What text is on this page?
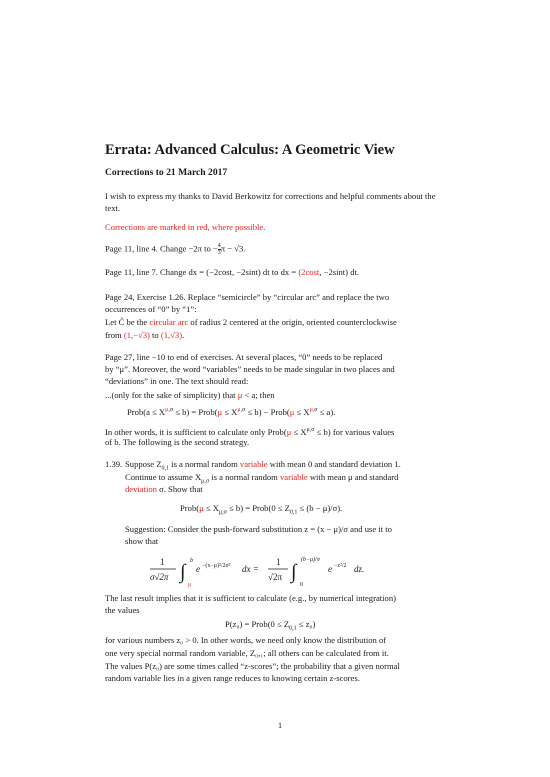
Errata: Advanced Calculus: A Geometric View
Corrections to 21 March 2017
I wish to express my thanks to David Berkowitz for corrections and helpful comments about the text.
Corrections are marked in red, where possible.
Page 11, line 4. Change −2π to − $\frac{4}{3}$ π − √3.
Page 11, line 7. Change dx = (−2cost, −2sint) dt to dx = (2cost, −2sint) dt.
Page 24, Exercise 1.26. Replace “semicircle” by “circular arc” and replace the two
occurrences of “0” by “1”:
Let C̃ be the circular arc of radius 2 centered at the origin, oriented counterclockwise
from (1,−√3) to (1,√3).
Page 27, line −10 to end of exercises. At several places, “0” needs to be replaced
by “μ”. Moreover, the word “variables” needs to be made singular in two places and
“deviations” in one. The text should read:
...(only for the sake of simplicity) that μ < a; then
Prob(a ≤ $X^{\mu,\sigma} \le b$) = Prob(μ ≤ $X^{\mu,\sigma} \le b$) − Prob(μ ≤ $X^{\mu,\sigma} \le a$).
In other words, it is sufficient to calculate only Prob(μ ≤ $X^{\mu,\sigma} \le b$) for various values
of b. The following is the second strategy.
1.39. Suppose $Z_{0,1}$ is a normal random variable with mean 0 and standard deviation 1.
Continue to assume $X_{\mu,\sigma}$ is a normal random variable with mean μ and standard
deviation σ. Show that
Prob(μ ≤ $X_{\mu,\sigma} \le b$) = Prob(0 ≤ $Z_{0,1} \le (b - \mu)/\sigma$).
Suggestion: Consider the push-forward substitution z = (x − μ)/σ and use it to
show that
1
σ√2π ∫ b
μ
e −(x−μ)²/2σ² dx =
1
√2π ∫
(b−μ)/σ
0
e −z²/2 dz.
The last result implies that it is sufficient to calculate (e.g., by numerical integration)
the values
P(z₀) = Prob(0 ≤ $Z_{0,1} \le z_0$)
for various numbers z₀ > 0. In other words, we need only know the distribution of
one very special normal random variable, Z₀,₁; all others can be calculated from it.
The values P(z₀) are some times called “z-scores”; the probability that a given normal
random variable lies in a given range reduces to knowing certain z-scores.
1
